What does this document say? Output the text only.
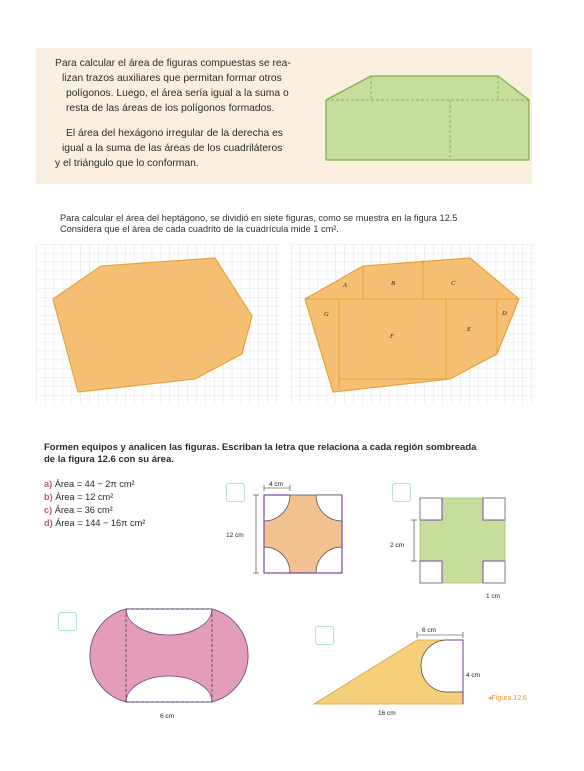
Para calcular el área de figuras compuestas se rea-
lizan trazos auxiliares que permitan formar otros
polígonos. Luego, el área sería igual a la suma o
resta de las áreas de los polígonos formados.
El área del hexágono irregular de la derecha es
igual a la suma de las áreas de los cuadriláteros
y el triángulo que lo conforman.
Para calcular el área del heptágono, se dividió en siete figuras, como se muestra en la figura 12.5
Considera que el área de cada cuadrito de la cuadrícula mide 1 cm².
A	B	C
D
E
F
G
Formen equipos y analicen las figuras. Escriban la letra que relaciona a cada región sombreada
de la figura 12.6 con su área.
a) Área = 44 − 2π cm²
b) Área = 12 cm²
c) Área = 36 cm²
d) Área = 144 − 16π cm²
4 cm
12 cm
2 cm
1 cm
6 cm
6 cm
4 cm
16 cm
◂Figura 12.6
